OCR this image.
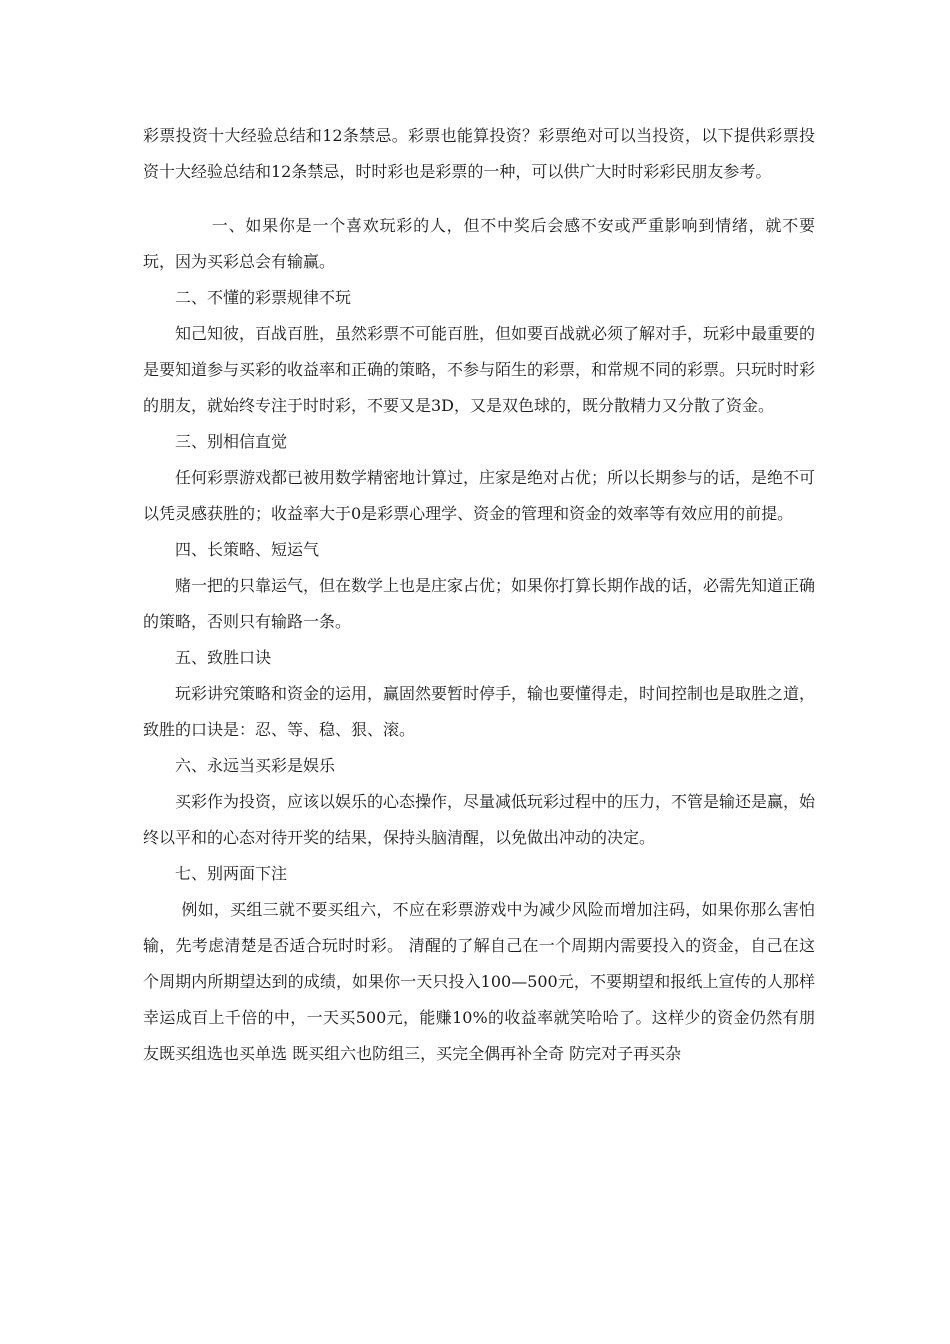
彩票投资十大经验总结和12条禁忌。彩票也能算投资？彩票绝对可以当投资，以下提供彩票投资十大经验总结和12条禁忌，时时彩也是彩票的一种，可以供广大时时彩彩民朋友参考。

一、如果你是一个喜欢玩彩的人，但不中奖后会感不安或严重影响到情绪，就不要玩，因为买彩总会有输赢。

二、不懂的彩票规律不玩

知己知彼，百战百胜，虽然彩票不可能百胜，但如要百战就必须了解对手，玩彩中最重要的是要知道参与买彩的收益率和正确的策略，不参与陌生的彩票，和常规不同的彩票。只玩时时彩的朋友，就始终专注于时时彩，不要又是3D，又是双色球的，既分散精力又分散了资金。

三、别相信直觉

任何彩票游戏都已被用数学精密地计算过，庄家是绝对占优；所以长期参与的话，是绝不可以凭灵感获胜的；收益率大于0是彩票心理学、资金的管理和资金的效率等有效应用的前提。

四、长策略、短运气

赌一把的只靠运气，但在数学上也是庄家占优；如果你打算长期作战的话，必需先知道正确的策略，否则只有输路一条。

五、致胜口诀

玩彩讲究策略和资金的运用，赢固然要暂时停手，输也要懂得走，时间控制也是取胜之道，致胜的口诀是：忍、等、稳、狠、滚。

六、永远当买彩是娱乐

买彩作为投资，应该以娱乐的心态操作，尽量减低玩彩过程中的压力，不管是输还是赢，始终以平和的心态对待开奖的结果，保持头脑清醒，以免做出冲动的决定。

七、别两面下注

例如，买组三就不要买组六，不应在彩票游戏中为减少风险而增加注码，如果你那么害怕输，先考虑清楚是否适合玩时时彩。 清醒的了解自己在一个周期内需要投入的资金，自己在这个周期内所期望达到的成绩，如果你一天只投入100—500元，不要期望和报纸上宣传的人那样幸运成百上千倍的中，一天买500元，能赚10%的收益率就笑哈哈了。这样少的资金仍然有朋友既买组选也买单选 既买组六也防组三，买完全偶再补全奇 防完对子再买杂
